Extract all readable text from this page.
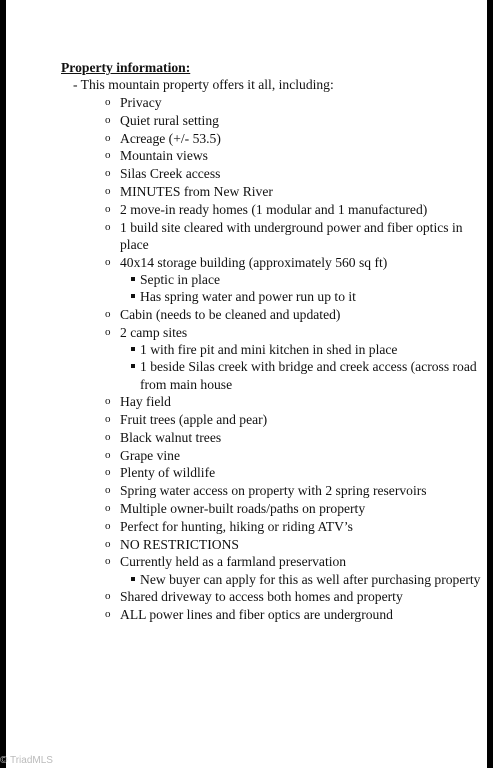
Property information:
- This mountain property offers it all, including:
o Privacy
o Quiet rural setting
o Acreage (+/- 53.5)
o Mountain views
o Silas Creek access
o MINUTES from New River
o 2 move-in ready homes (1 modular and 1 manufactured)
o 1 build site cleared with underground power and fiber optics in place
o 40x14 storage building (approximately 560 sq ft)
Septic in place
Has spring water and power run up to it
o Cabin (needs to be cleaned and updated)
o 2 camp sites
1 with fire pit and mini kitchen in shed in place
1 beside Silas creek with bridge and creek access (across road from main house
o Hay field
o Fruit trees (apple and pear)
o Black walnut trees
o Grape vine
o Plenty of wildlife
o Spring water access on property with 2 spring reservoirs
o Multiple owner-built roads/paths on property
o Perfect for hunting, hiking or riding ATV’s
o NO RESTRICTIONS
o Currently held as a farmland preservation
New buyer can apply for this as well after purchasing property
o Shared driveway to access both homes and property
o ALL power lines and fiber optics are underground
© TriadMLS
